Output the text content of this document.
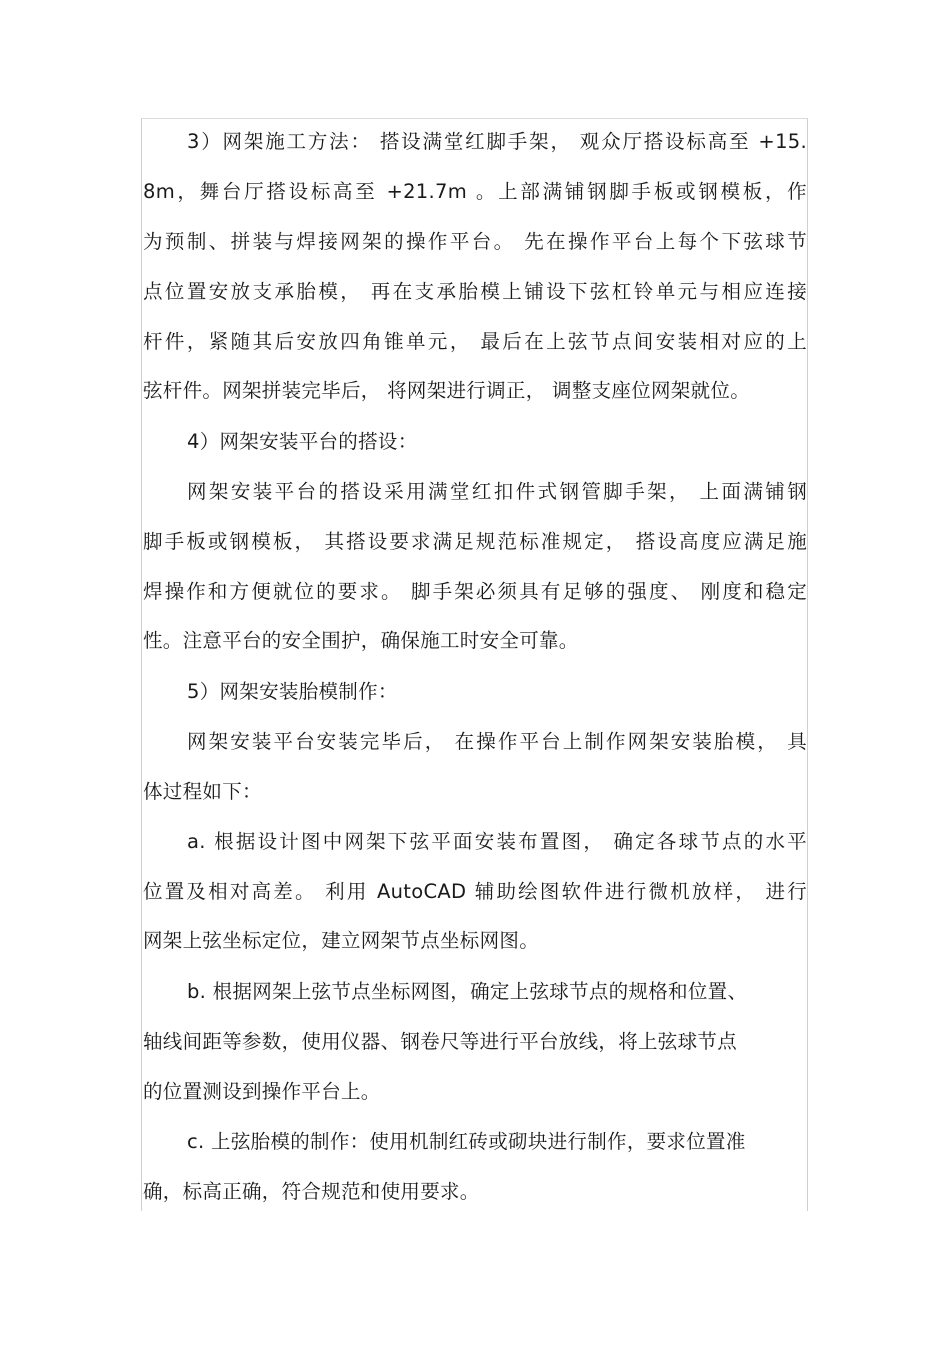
3）网架施工方法： 搭设满堂红脚手架， 观众厅搭设标高至 +15.
8m，舞台厅搭设标高至 +21.7m 。上部满铺钢脚手板或钢模板，作
为预制、拼装与焊接网架的操作平台。 先在操作平台上每个下弦球节
点位置安放支承胎模， 再在支承胎模上铺设下弦杠铃单元与相应连接
杆件，紧随其后安放四角锥单元， 最后在上弦节点间安装相对应的上
弦杆件。网架拼装完毕后， 将网架进行调正， 调整支座位网架就位。
4）网架安装平台的搭设：
网架安装平台的搭设采用满堂红扣件式钢管脚手架， 上面满铺钢
脚手板或钢模板， 其搭设要求满足规范标准规定， 搭设高度应满足施
焊操作和方便就位的要求。 脚手架必须具有足够的强度、 刚度和稳定
性。注意平台的安全围护，确保施工时安全可靠。
5）网架安装胎模制作：
网架安装平台安装完毕后， 在操作平台上制作网架安装胎模， 具
体过程如下：
a. 根据设计图中网架下弦平面安装布置图， 确定各球节点的水平
位置及相对高差。 利用 AutoCAD 辅助绘图软件进行微机放样， 进行
网架上弦坐标定位，建立网架节点坐标网图。
b. 根据网架上弦节点坐标网图，确定上弦球节点的规格和位置、
轴线间距等参数，使用仪器、钢卷尺等进行平台放线，将上弦球节点
的位置测设到操作平台上。
c. 上弦胎模的制作：使用机制红砖或砌块进行制作，要求位置准
确，标高正确，符合规范和使用要求。
